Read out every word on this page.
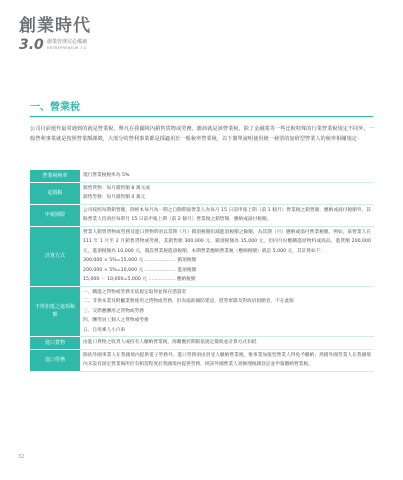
創業時代
3.0 創業管理完必備讀
ENTREPRENEUR 3.0
一、營業稅
公司目前運作最常遇到的就是營業稅。舉凡在我國境內銷售貨物或勞務，應該就是該營業稅，除了金融業等一些比較特殊的行業營業稅規定不同外，一般營利事業就是按照營業額課徵，大部分的營利事業都是採適用於一般稅率營業稅，以下簡單說明使用統一發票的加值型營業人的稅率相關規定：
營業稅稅率	現行營業稅稅率為 5%

起徵點	銷售貨物：每月銷售額 8 萬元或
銷售勞務：每月銷售額 4 萬元

申報期限	公司按照每期銷售額，除經本每月為一期之自動期報營業人為每月 15 日前申報上期（前 1 個月）營業稅之銷售額、應納或溢付稅額外，其餘營業人均須於每單月 15 日前申報上期（前 2 個月）營業稅之銷售額、應納或溢付稅額。

計算方式	營業人銷售貨物或勞務及進口貨物時須以當期（月）銷項稅額扣減進項稅額之餘額，為其期（月）應納或溢付營業稅額。例如，某營業人在 111 年 1 月至 2 月銷售貨物或勞務，其銷售額 300,000 元，銷項稅額為 15,000 元，但同月份應購進原物料或商品，進貨額 200,000 元，進項稅額為 10,000 元，假設營業稅進項稅額，本期營業應納營業稅（應納稅額）就是 5,000 元，其計算如下：
300,000 × 5%=15,000 元 ..................... 銷項稅額
200,000 × 5%=10,000 元 ..................... 進項稅額
15,000 － 10,000=5,000 元 .................. 應納稅額

不得扣抵之進項稅額	一、購進之貨物或勞務未依規定取得並保存憑證者
二、非供本業及附屬業務使用之貨物或勞務，但為協助國防建設、慰勞軍隊及對政府捐贈者，不在此限
三、交際應酬用之貨物或勞務
四、酬勞員工個人之貨物或勞務
五、自用乘人小汽車

進口貨物	由進口貨物之收貨人或持有人繳納營業稅，海關應於期限依規定徵收並計算方式扣抵

進口勞務	除依外國事業人在我國境內提供電子勞務外，進口勞務須由買受人繳納營業稅，惟事業加值型營業人得免予繳納；然銷外國勞業人在我國境內未設有固定營業場所但有相當程度於我國境內提供勞務，則該外國營業人須辦理稅籍登記並申報繳納營業稅。
32
